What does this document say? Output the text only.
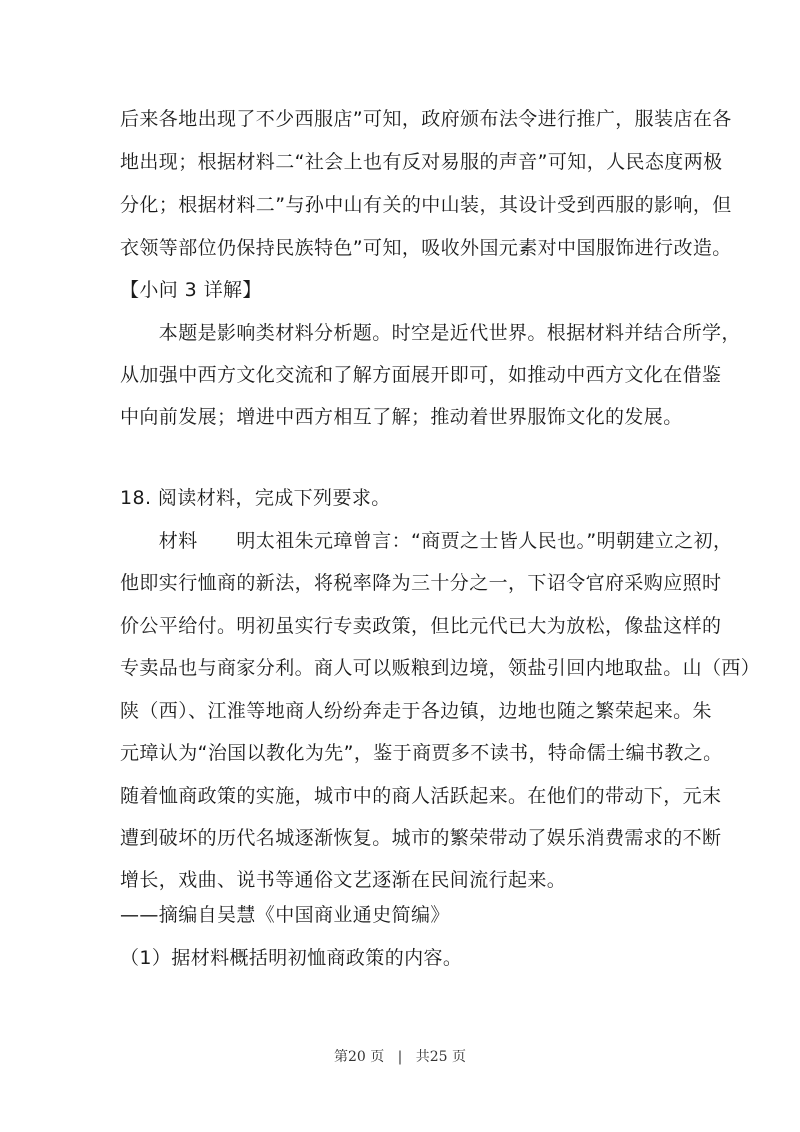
后来各地出现了不少西服店”可知，政府颁布法令进行推广，服装店在各
地出现；根据材料二“社会上也有反对易服的声音”可知，人民态度两极
分化；根据材料二”与孙中山有关的中山装，其设计受到西服的影响，但
衣领等部位仍保持民族特色”可知，吸收外国元素对中国服饰进行改造。
【小问 3 详解】
　　本题是影响类材料分析题。时空是近代世界。根据材料并结合所学，
从加强中西方文化交流和了解方面展开即可，如推动中西方文化在借鉴
中向前发展；增进中西方相互了解；推动着世界服饰文化的发展。
18. 阅读材料，完成下列要求。
　　材料　　明太祖朱元璋曾言：“商贾之士皆人民也。”明朝建立之初，
他即实行恤商的新法，将税率降为三十分之一，下诏令官府采购应照时
价公平给付。明初虽实行专卖政策，但比元代已大为放松，像盐这样的
专卖品也与商家分利。商人可以贩粮到边境，领盐引回内地取盐。山（西）
陕（西）、江淮等地商人纷纷奔走于各边镇，边地也随之繁荣起来。朱
元璋认为“治国以教化为先”，鉴于商贾多不读书，特命儒士编书教之。
随着恤商政策的实施，城市中的商人活跃起来。在他们的带动下，元末
遭到破坏的历代名城逐渐恢复。城市的繁荣带动了娱乐消费需求的不断
增长，戏曲、说书等通俗文艺逐渐在民间流行起来。
——摘编自吴慧《中国商业通史简编》
（1）据材料概括明初恤商政策的内容。
第20 页 | 共25 页
